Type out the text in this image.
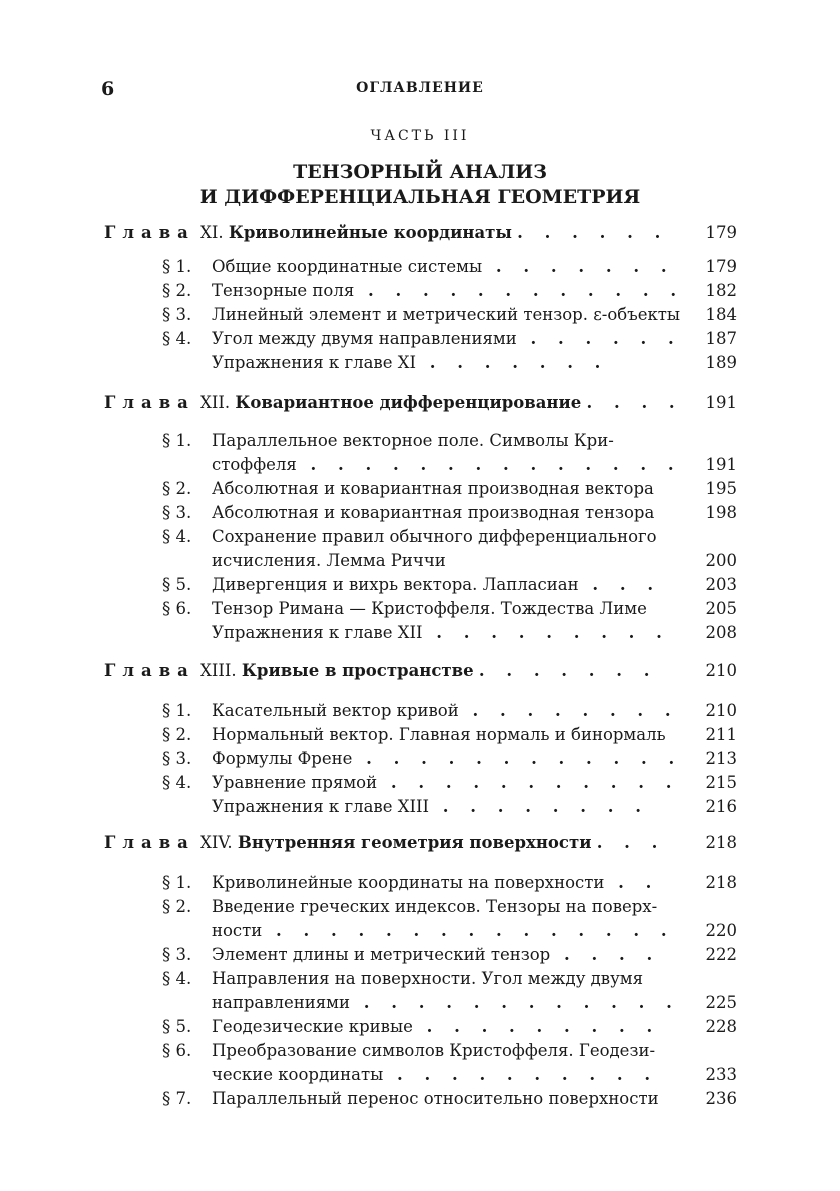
6	ОГЛАВЛЕНИЕ
ЧАСТЬ III
ТЕНЗОРНЫЙ АНАЛИЗ
И ДИФФЕРЕНЦИАЛЬНАЯ ГЕОМЕТРИЯ
Глава XI. Криволинейные координаты . . . . . .	179
§ 1. Общие координатные системы . . . . . . .	179
§ 2. Тензорные поля . . . . . . . . . . . .	182
§ 3. Линейный элемент и метрический тензор. ε-объекты	184
§ 4. Угол между двумя направлениями . . . . . .	187
Упражнения к главе XI . . . . . . .	189
Глава XII. Ковариантное дифференцирование . . . .	191
§ 1. Параллельное векторное поле. Символы Кри-
стоффеля . . . . . . . . . . . . . .	191
§ 2. Абсолютная и ковариантная производная вектора	195
§ 3. Абсолютная и ковариантная производная тензора	198
§ 4. Сохранение правил обычного дифференциального
исчисления. Лемма Риччи	200
§ 5. Дивергенция и вихрь вектора. Лапласиан . . .	203
§ 6. Тензор Римана — Кристоффеля. Тождества Лиме	205
Упражнения к главе XII . . . . . . . . .	208
Глава XIII. Кривые в пространстве . . . . . . .	210
§ 1. Касательный вектор кривой . . . . . . . .	210
§ 2. Нормальный вектор. Главная нормаль и бинормаль	211
§ 3. Формулы Френе . . . . . . . . . . . .	213
§ 4. Уравнение прямой . . . . . . . . . . .	215
Упражнения к главе XIII . . . . . . . .	216
Глава XIV. Внутренняя геометрия поверхности . . .	218
§ 1. Криволинейные координаты на поверхности . .	218
§ 2. Введение греческих индексов. Тензоры на поверх-
ности . . . . . . . . . . . . . . .	220
§ 3. Элемент длины и метрический тензор . . . .	222
§ 4. Направления на поверхности. Угол между двумя
направлениями . . . . . . . . . . . .	225
§ 5. Геодезические кривые . . . . . . . . .	228
§ 6. Преобразование символов Кристоффеля. Геодези-
ческие координаты . . . . . . . . . .	233
§ 7. Параллельный перенос относительно поверхности	236
